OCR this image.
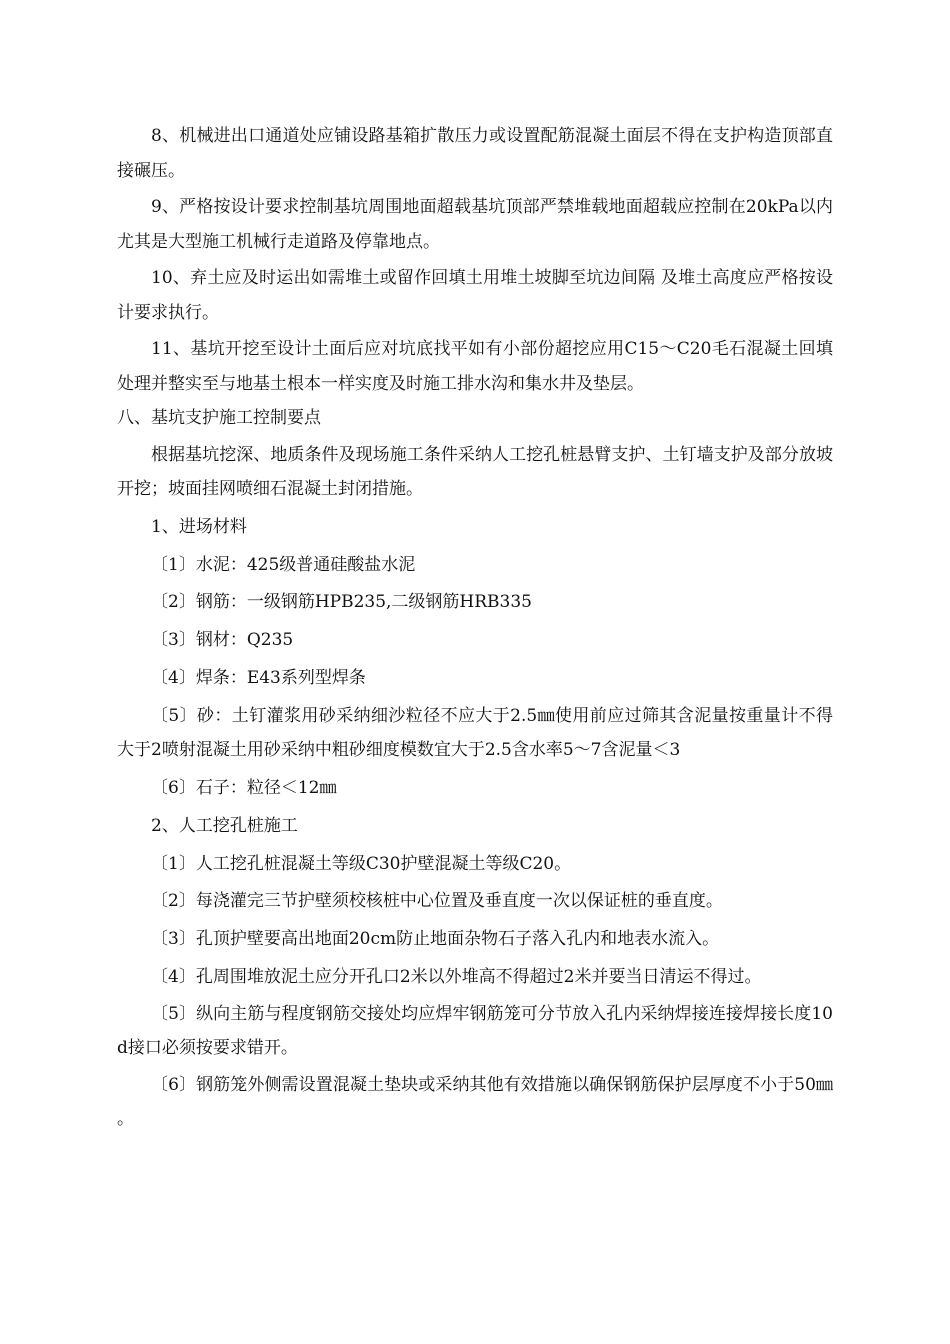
8、机械进出口通道处应铺设路基箱扩散压力或设置配筋混凝土面层不得在支护构造顶部直接碾压。

9、严格按设计要求控制基坑周围地面超载基坑顶部严禁堆载地面超载应控制在20kPa以内尤其是大型施工机械行走道路及停靠地点。

10、弃土应及时运出如需堆土或留作回填土用堆土坡脚至坑边间隔 及堆土高度应严格按设计要求执行。

11、基坑开挖至设计土面后应对坑底找平如有小部份超挖应用C15～C20毛石混凝土回填处理并整实至与地基土根本一样实度及时施工排水沟和集水井及垫层。

八、基坑支护施工控制要点

根据基坑挖深、地质条件及现场施工条件采纳人工挖孔桩悬臂支护、土钉墙支护及部分放坡开挖；坡面挂网喷细石混凝土封闭措施。

1、进场材料

〔1〕水泥：425级普通硅酸盐水泥

〔2〕钢筋：一级钢筋HPB235,二级钢筋HRB335

〔3〕钢材：Q235

〔4〕焊条：E43系列型焊条

〔5〕砂：土钉灌浆用砂采纳细沙粒径不应大于2.5㎜使用前应过筛其含泥量按重量计不得大于2喷射混凝土用砂采纳中粗砂细度模数宜大于2.5含水率5～7含泥量＜3

〔6〕石子：粒径＜12㎜

2、人工挖孔桩施工

〔1〕人工挖孔桩混凝土等级C30护壁混凝土等级C20。

〔2〕每浇灌完三节护壁须校核桩中心位置及垂直度一次以保证桩的垂直度。

〔3〕孔顶护壁要高出地面20cm防止地面杂物石子落入孔内和地表水流入。

〔4〕孔周围堆放泥土应分开孔口2米以外堆高不得超过2米并要当日清运不得过。

〔5〕纵向主筋与程度钢筋交接处均应焊牢钢筋笼可分节放入孔内采纳焊接连接焊接长度10d接口必须按要求错开。

〔6〕钢筋笼外侧需设置混凝土垫块或采纳其他有效措施以确保钢筋保护层厚度不小于50㎜ 。
